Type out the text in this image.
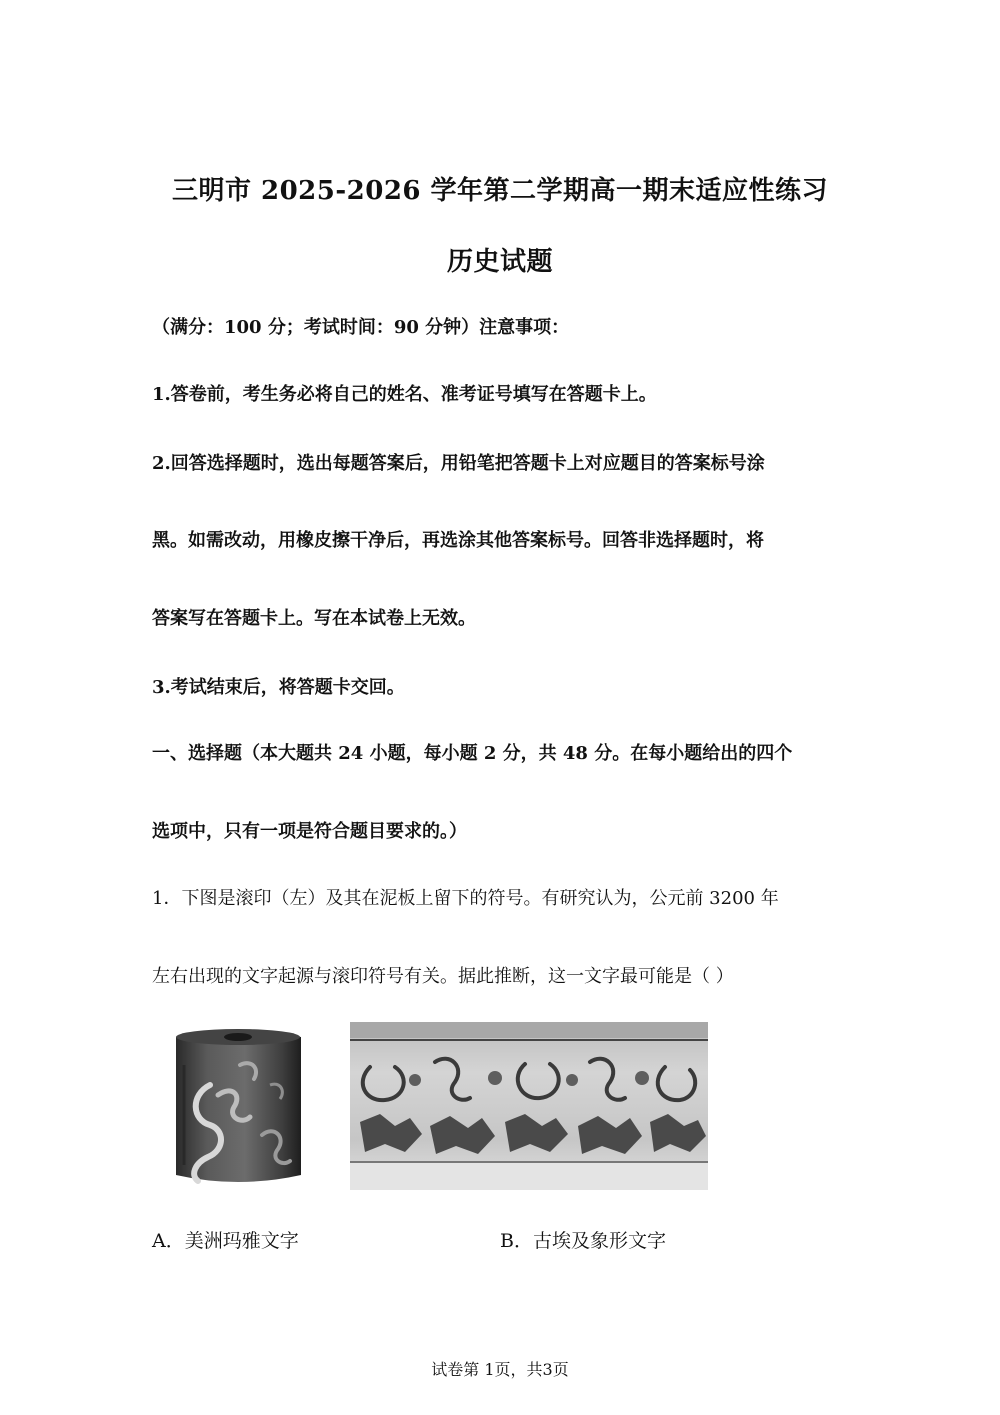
三明市 2025-2026 学年第二学期高一期末适应性练习
历史试题
（满分：100 分；考试时间：90 分钟）注意事项：
1.答卷前，考生务必将自己的姓名、准考证号填写在答题卡上。
2.回答选择题时，选出每题答案后，用铅笔把答题卡上对应题目的答案标号涂
黑。如需改动，用橡皮擦干净后，再选涂其他答案标号。回答非选择题时，将
答案写在答题卡上。写在本试卷上无效。
3.考试结束后，将答题卡交回。
一、选择题（本大题共 24 小题，每小题 2 分，共 48 分。在每小题给出的四个
选项中，只有一项是符合题目要求的。）
1．下图是滚印（左）及其在泥板上留下的符号。有研究认为，公元前 3200 年
左右出现的文字起源与滚印符号有关。据此推断，这一文字最可能是（ ）
A．美洲玛雅文字	B．古埃及象形文字
试卷第 1页，共3页
